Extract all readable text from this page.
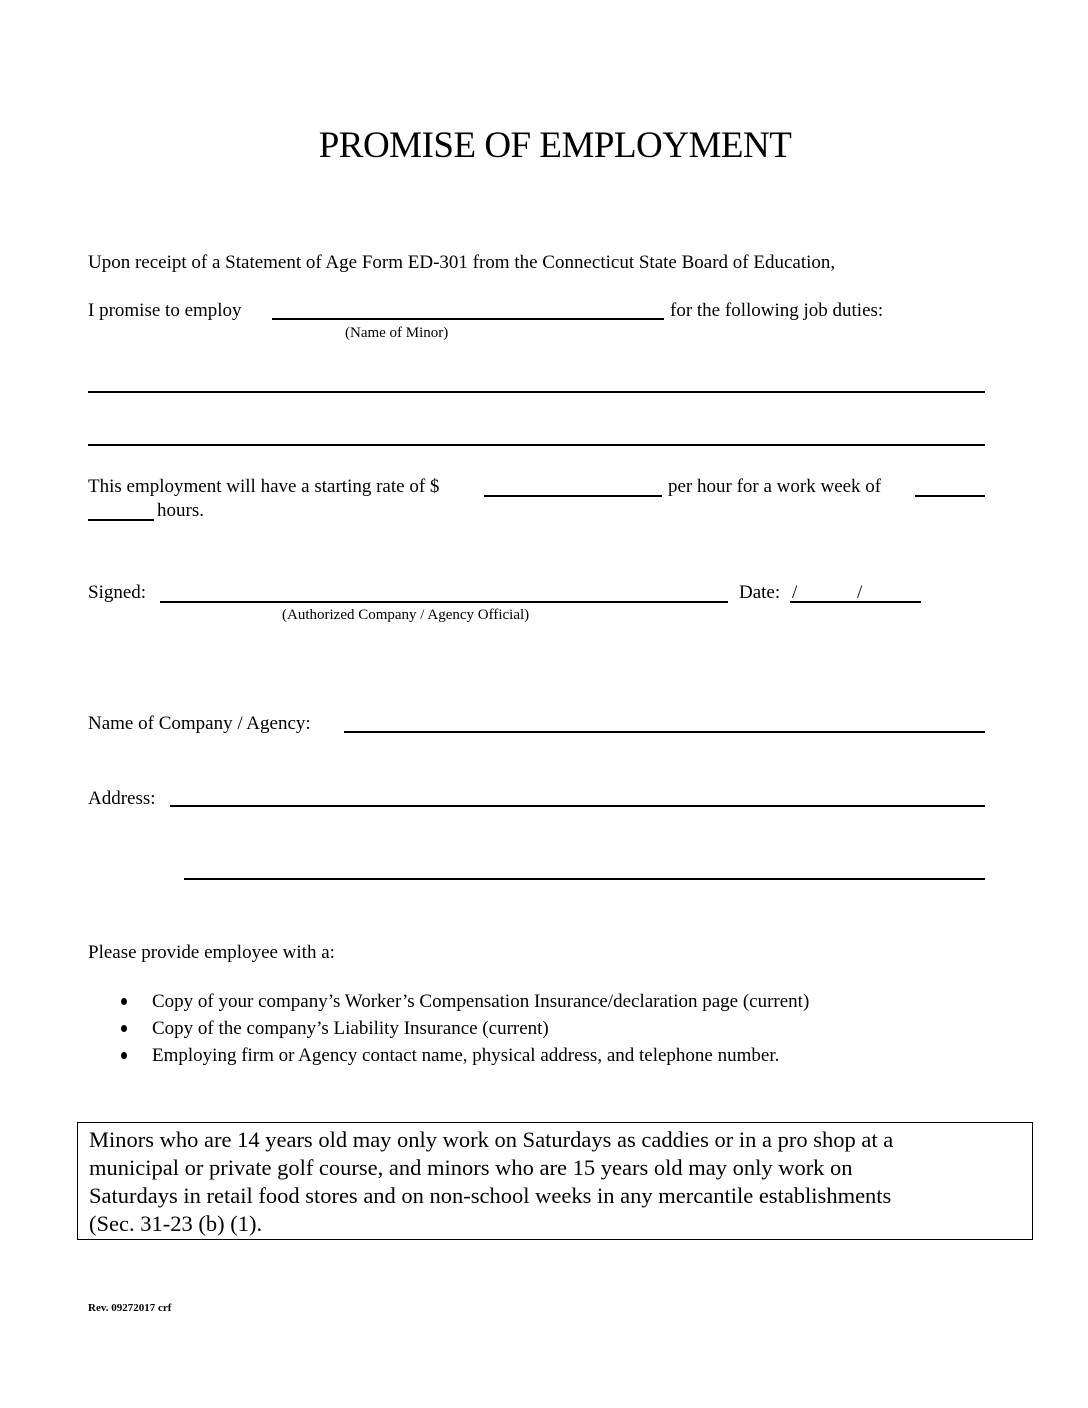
PROMISE OF EMPLOYMENT
Upon receipt of a Statement of Age Form ED-301 from the Connecticut State Board of Education,
I promise to employ	for the following job duties:
(Name of Minor)
This employment will have a starting rate of $	per hour for a work week of
hours.
Signed:
(Authorized Company / Agency Official)
Date: /	/
Name of Company / Agency:
Address:
Please provide employee with a:
Copy of your company’s Worker’s Compensation Insurance/declaration page (current)
Copy of the company’s Liability Insurance (current)
Employing firm or Agency contact name, physical address, and telephone number.
Minors who are 14 years old may only work on Saturdays as caddies or in a pro shop at a
municipal or private golf course, and minors who are 15 years old may only work on
Saturdays in retail food stores and on non-school weeks in any mercantile establishments
(Sec. 31-23 (b) (1).
Rev. 09272017 crf
